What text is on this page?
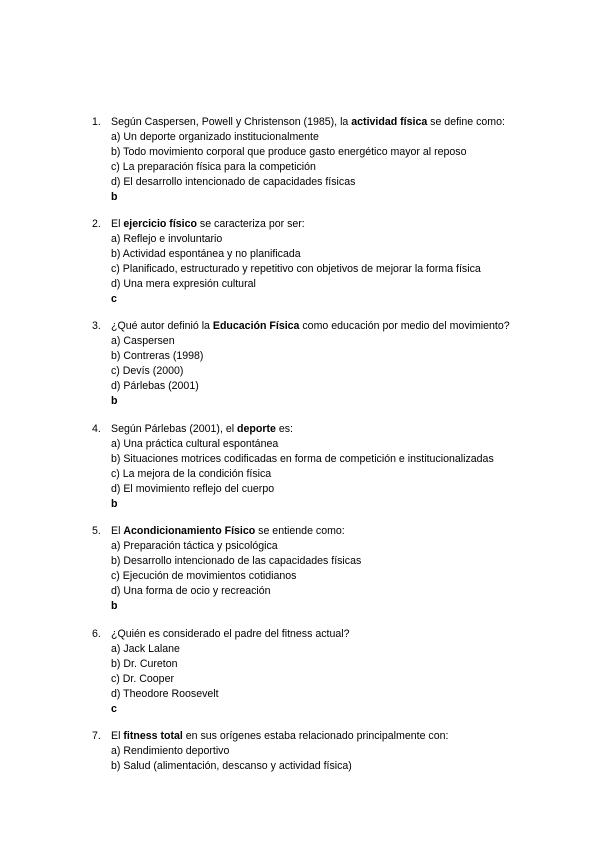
1. Según Caspersen, Powell y Christenson (1985), la actividad física se define como:
a) Un deporte organizado institucionalmente
b) Todo movimiento corporal que produce gasto energético mayor al reposo
c) La preparación física para la competición
d) El desarrollo intencionado de capacidades físicas
b
2. El ejercicio físico se caracteriza por ser:
a) Reflejo e involuntario
b) Actividad espontánea y no planificada
c) Planificado, estructurado y repetitivo con objetivos de mejorar la forma física
d) Una mera expresión cultural
c
3. ¿Qué autor definió la Educación Física como educación por medio del movimiento?
a) Caspersen
b) Contreras (1998)
c) Devís (2000)
d) Párlebas (2001)
b
4. Según Párlebas (2001), el deporte es:
a) Una práctica cultural espontánea
b) Situaciones motrices codificadas en forma de competición e institucionalizadas
c) La mejora de la condición física
d) El movimiento reflejo del cuerpo
b
5. El Acondicionamiento Físico se entiende como:
a) Preparación táctica y psicológica
b) Desarrollo intencionado de las capacidades físicas
c) Ejecución de movimientos cotidianos
d) Una forma de ocio y recreación
b
6. ¿Quién es considerado el padre del fitness actual?
a) Jack Lalane
b) Dr. Cureton
c) Dr. Cooper
d) Theodore Roosevelt
c
7. El fitness total en sus orígenes estaba relacionado principalmente con:
a) Rendimiento deportivo
b) Salud (alimentación, descanso y actividad física)
